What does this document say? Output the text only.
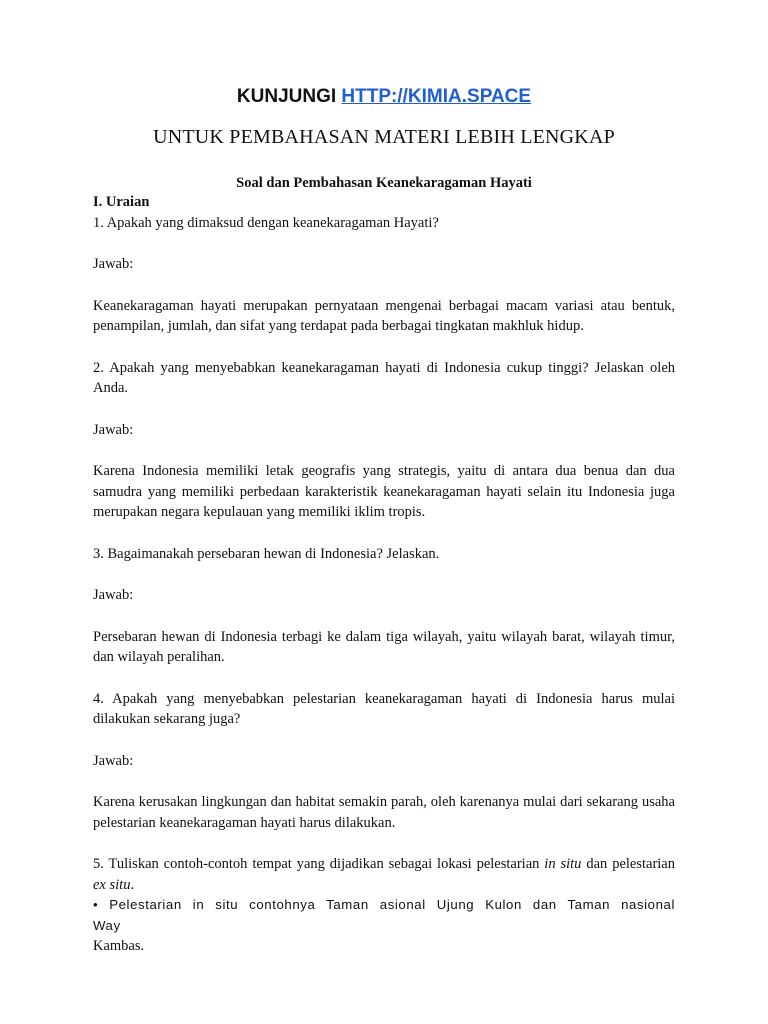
KUNJUNGI HTTP://KIMIA.SPACE
UNTUK PEMBAHASAN MATERI LEBIH LENGKAP
Soal dan Pembahasan Keanekaragaman Hayati

I. Uraian

1. Apakah yang dimaksud dengan keanekaragaman Hayati?

Jawab:

Keanekaragaman hayati merupakan pernyataan mengenai berbagai macam variasi atau bentuk, penampilan, jumlah, dan sifat yang terdapat pada berbagai tingkatan makhluk hidup.

2. Apakah yang menyebabkan keanekaragaman hayati di Indonesia cukup tinggi? Jelaskan oleh Anda.

Jawab:

Karena Indonesia memiliki letak geografis yang strategis, yaitu di antara dua benua dan dua samudra yang memiliki perbedaan karakteristik keanekaragaman hayati selain itu Indonesia juga merupakan negara kepulauan yang memiliki iklim tropis.

3. Bagaimanakah persebaran hewan di Indonesia? Jelaskan.

Jawab:

Persebaran hewan di Indonesia terbagi ke dalam tiga wilayah, yaitu wilayah barat, wilayah timur, dan wilayah peralihan.

4. Apakah yang menyebabkan pelestarian keanekaragaman hayati di Indonesia harus mulai dilakukan sekarang juga?

Jawab:

Karena kerusakan lingkungan dan habitat semakin parah, oleh karenanya mulai dari sekarang usaha pelestarian keanekaragaman hayati harus dilakukan.

5. Tuliskan contoh-contoh tempat yang dijadikan sebagai lokasi pelestarian in situ dan pelestarian ex situ.

• Pelestarian in situ contohnya Taman asional Ujung Kulon dan Taman nasional Way

Kambas.
